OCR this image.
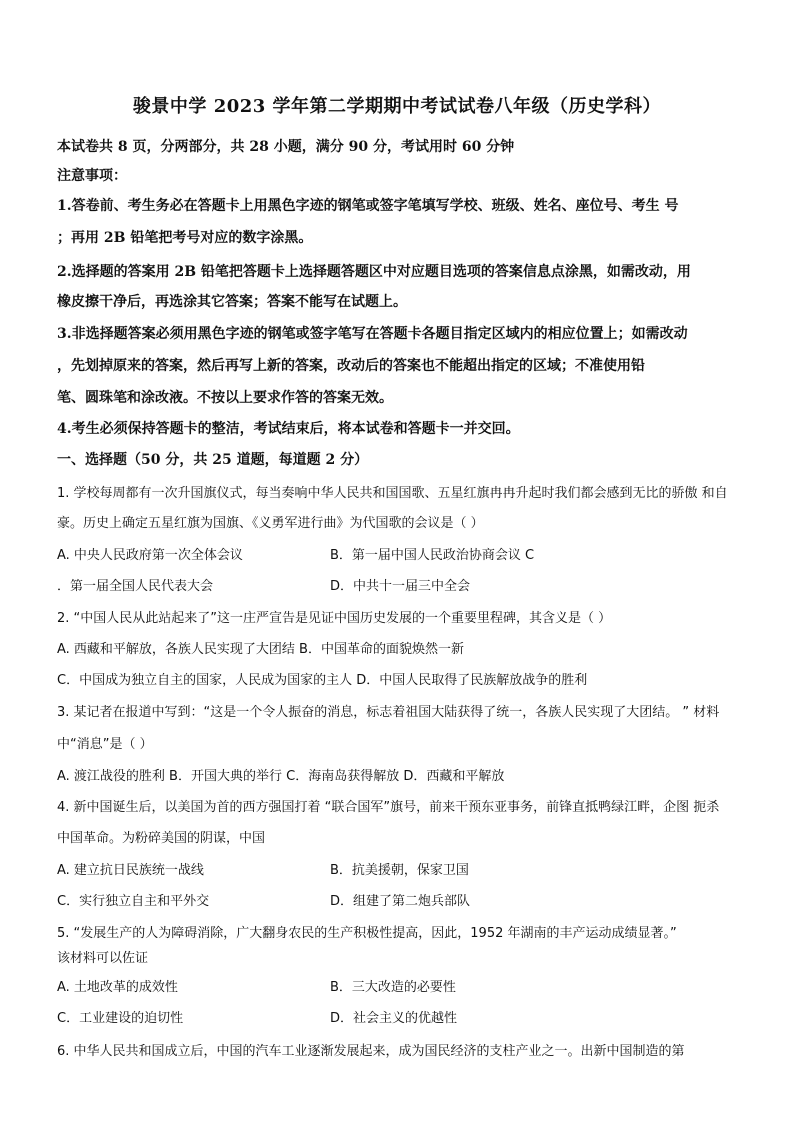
骏景中学 2023 学年第二学期期中考试试卷八年级（历史学科）
本试卷共 8 页，分两部分，共 28 小题，满分 90 分，考试用时 60 分钟
注意事项：
1.答卷前、考生务必在答题卡上用黑色字迹的钢笔或签字笔填写学校、班级、姓名、座位号、考生 号
；再用 2B 铅笔把考号对应的数字涂黑。
2.选择题的答案用 2B 铅笔把答题卡上选择题答题区中对应题目选项的答案信息点涂黑，如需改动，用
橡皮擦干净后，再选涂其它答案；答案不能写在试题上。
3.非选择题答案必须用黑色字迹的钢笔或签字笔写在答题卡各题目指定区域内的相应位置上；如需改动
，先划掉原来的答案，然后再写上新的答案，改动后的答案也不能超出指定的区域；不准使用铅
笔、圆珠笔和涂改液。不按以上要求作答的答案无效。
4.考生必须保持答题卡的整洁，考试结束后，将本试卷和答题卡一并交回。
一、选择题（50 分，共 25 道题，每道题 2 分）
1. 学校每周都有一次升国旗仪式，每当奏响中华人民共和国国歌、五星红旗冉冉升起时我们都会感到无比的骄傲 和自
豪。历史上确定五星红旗为国旗、《义勇军进行曲》为代国歌的会议是（ ）
A. 中央人民政府第一次全体会议	B．第一届中国人民政治协商会议 C
．第一届全国人民代表大会	D．中共十一届三中全会
2. “中国人民从此站起来了”这一庄严宣告是见证中国历史发展的一个重要里程碑，其含义是（ ）
A. 西藏和平解放，各族人民实现了大团结 B．中国革命的面貌焕然一新
C．中国成为独立自主的国家，人民成为国家的主人 D．中国人民取得了民族解放战争的胜利
3. 某记者在报道中写到：“这是一个令人振奋的消息，标志着祖国大陆获得了统一，各族人民实现了大团结。 ” 材料
中“消息”是（ ）
A. 渡江战役的胜利 B．开国大典的举行 C．海南岛获得解放 D．西藏和平解放
4. 新中国诞生后，以美国为首的西方强国打着 “联合国军”旗号，前来干预东亚事务，前锋直抵鸭绿江畔，企图 扼杀
中国革命。为粉碎美国的阴谋，中国
A. 建立抗日民族统一战线	B．抗美援朝，保家卫国
C．实行独立自主和平外交	D．组建了第二炮兵部队
5. “发展生产的人为障碍消除，广大翻身农民的生产积极性提高，因此，1952 年湖南的丰产运动成绩显著。”
该材料可以佐证
A. 土地改革的成效性	B．三大改造的必要性
C．工业建设的迫切性	D．社会主义的优越性
6. 中华人民共和国成立后，中国的汽车工业逐渐发展起来，成为国民经济的支柱产业之一。出新中国制造的第
